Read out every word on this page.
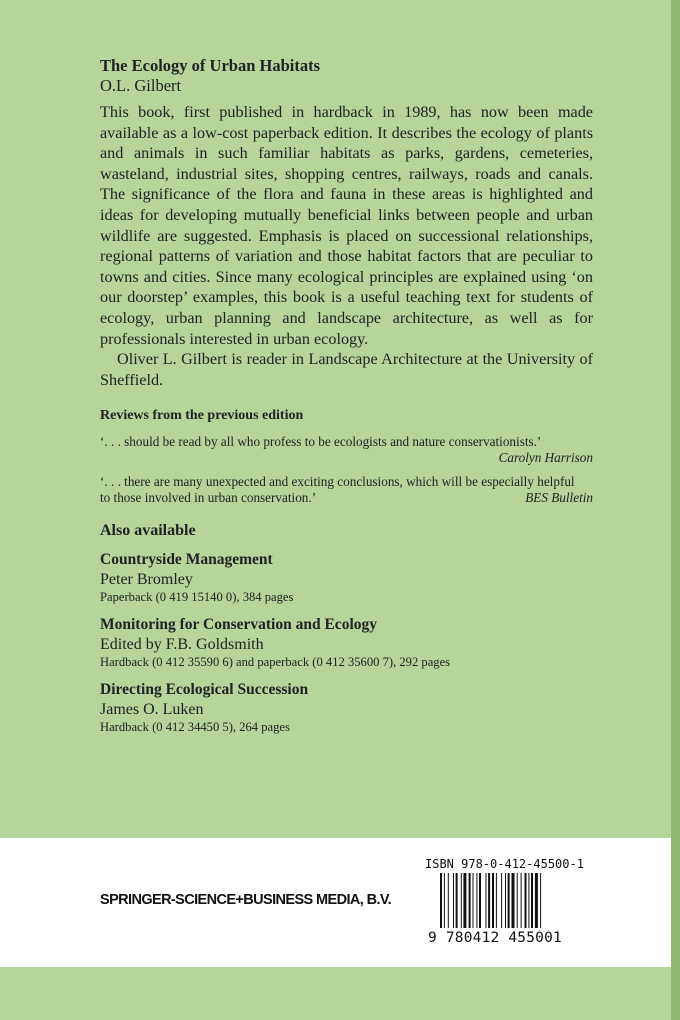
The Ecology of Urban Habitats
O.L. Gilbert

This book, first published in hardback in 1989, has now been made available as a low-cost paperback edition. It describes the ecology of plants and animals in such familiar habitats as parks, gardens, cemeteries, wasteland, industrial sites, shopping centres, railways, roads and canals. The significance of the flora and fauna in these areas is highlighted and ideas for developing mutually beneficial links between people and urban wildlife are suggested. Emphasis is placed on successional relationships, regional patterns of variation and those habitat factors that are peculiar to towns and cities. Since many ecological principles are explained using ‘on our doorstep’ examples, this book is a useful teaching text for students of ecology, urban planning and landscape architecture, as well as for professionals interested in urban ecology.

Oliver L. Gilbert is reader in Landscape Architecture at the University of Sheffield.

Reviews from the previous edition
‘. . . should be read by all who profess to be ecologists and nature conservationists.’
Carolyn Harrison
‘. . . there are many unexpected and exciting conclusions, which will be especially helpful
to those involved in urban conservation.’	BES Bulletin
Also available
Countryside Management
Peter Bromley
Paperback (0 419 15140 0), 384 pages
Monitoring for Conservation and Ecology
Edited by F.B. Goldsmith
Hardback (0 412 35590 6) and paperback (0 412 35600 7), 292 pages
Directing Ecological Succession
James O. Luken
Hardback (0 412 34450 5), 264 pages
SPRINGER-SCIENCE+BUSINESS MEDIA, B.V.
ISBN 978-0-412-45500-1
9 780412 455001
